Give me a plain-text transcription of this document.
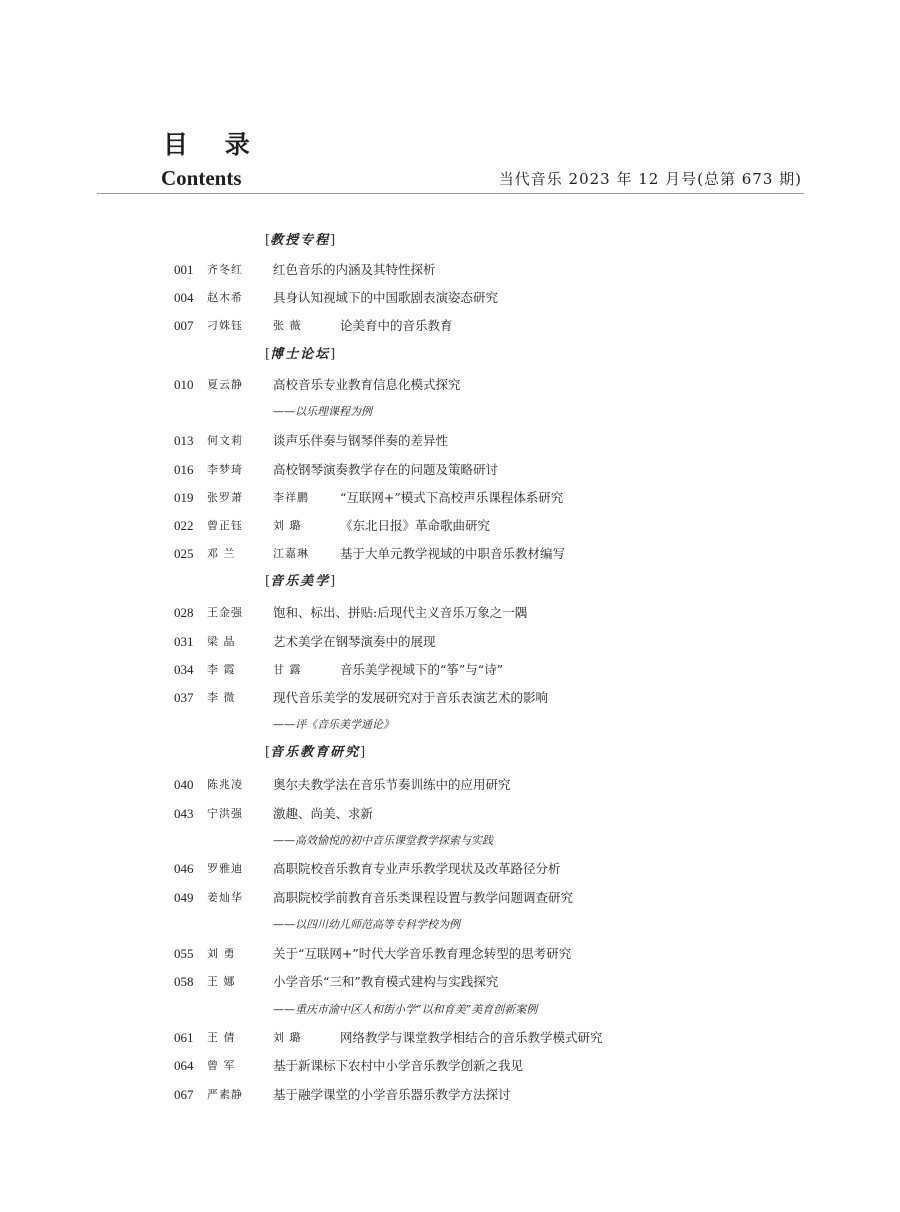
目 录
Contents	当代音乐 2023 年 12 月号(总第 673 期)
[教授专程]
001 齐冬红 红色音乐的内涵及其特性探析
004 赵木希 具身认知视域下的中国歌剧表演姿态研究
007 刁姝钰	张 薇	论美育中的音乐教育
[博士论坛]
010 夏云静 高校音乐专业教育信息化模式探究
——以乐理课程为例
013 何文莉 谈声乐伴奏与钢琴伴奏的差异性
016 李梦琦 高校钢琴演奏教学存在的问题及策略研讨
019 张罗萧	李祥鹏 “互联网+”模式下高校声乐课程体系研究
022 曾正钰	刘 璐	《东北日报》革命歌曲研究
025 邓 兰	江嘉琳 基于大单元教学视域的中职音乐教材编写
[音乐美学]
028 王金强 饱和、标出、拼贴:后现代主义音乐万象之一隅
031 梁 晶	艺术美学在钢琴演奏中的展现
034 李 霞	甘 露	音乐美学视域下的“筝”与“诗”
037 李 微	现代音乐美学的发展研究对于音乐表演艺术的影响
——评《音乐美学通论》
[音乐教育研究]
040 陈兆凌 奥尔夫教学法在音乐节奏训练中的应用研究
043 宁洪强 激趣、尚美、求新
——高效愉悦的初中音乐课堂教学探索与实践
046 罗雅迪 高职院校音乐教育专业声乐教学现状及改革路径分析
049 姜灿华 高职院校学前教育音乐类课程设置与教学问题调查研究
——以四川幼儿师范高等专科学校为例
055 刘 勇	关于“互联网+”时代大学音乐教育理念转型的思考研究
058 王 娜	小学音乐“三和”教育模式建构与实践探究
——重庆市渝中区人和街小学“以和育美”美育创新案例
061 王 倩	刘 璐	网络教学与课堂教学相结合的音乐教学模式研究
064 曾 军	基于新课标下农村中小学音乐教学创新之我见
067 严素静 基于融学课堂的小学音乐器乐教学方法探讨
